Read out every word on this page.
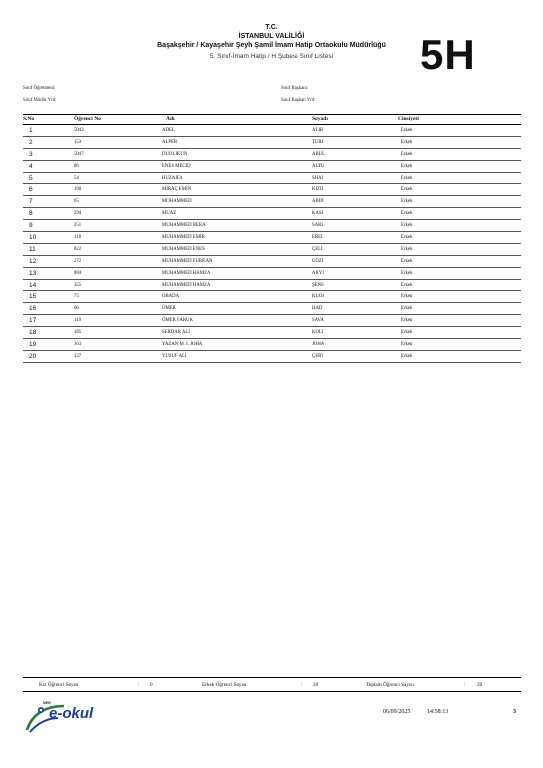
T.C.
İSTANBUL VALİLİĞİ
Başakşehir / Kayaşehir Şeyh Şamil İmam Hatip Ortaokulu Müdürlüğü
5. Sınıf-İmam Hatip / H Şubesi Sınıf Listesi	5H
Sınıf Öğretmeni:	Sınıf Başkanı:
Sınıf Müdür Yrd:	Sınıf Başkan Yrd:
S.No	Öğrenci No	Adı	Soyadı	Cinsiyeti
1	5042	ADEL	ALIB	Erkek
2	153	ALPER	TURI	Erkek
3	5047	DUOLIKUN	ABUL	Erkek
4	86	ENES MECID	ALTU	Erkek
5	54	HUZAIFA	SHAI	Erkek
6	190	MİRAÇ EMİN	KIZII	Erkek
7	65	MOHAMMED	ABDI	Erkek
8	294	MUAZ	KASI	Erkek
9	251	MUHAMMED BERA	SARI	Erkek
10	118	MUHAMMED EMİR	EREI	Erkek
11	822	MUHAMMED ENES	ÇELİ	Erkek
12	272	MUHAMMED FURKAN	GÖZİ	Erkek
13	884	MUHAMMED HAMZA	AKYİ	Erkek
14	355	MUHAMMED HAMZA	ŞENS	Erkek
15	75	OBADA	KUOI	Erkek
16	66	ÖMER	HAD	Erkek
17	119	ÖMER FARUK	SAVA	Erkek
18	185	SERDAR ALİ	KOLI	Erkek
19	163	YAZAN M. I. JOHA	JOHA	Erkek
20	137	YUSUF ALİ	ÇEBI	Erkek
Kız Öğrenci Sayısı	: 0	Erkek Öğrenci Sayısı	: 20	Toplam Öğrenci Sayısı	: 20
MEB
e-okul	06/09/2025	14:58:13	3
